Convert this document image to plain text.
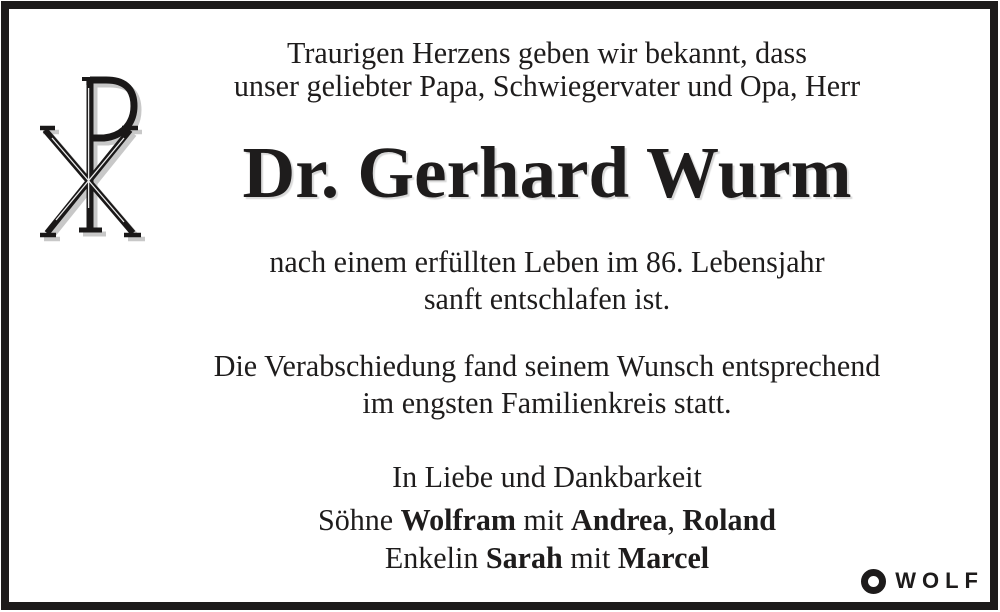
Traurigen Herzens geben wir bekannt, dass
unser geliebter Papa, Schwiegervater und Opa, Herr
Dr. Gerhard Wurm
nach einem erfüllten Leben im 86. Lebensjahr
sanft entschlafen ist.
Die Verabschiedung fand seinem Wunsch entsprechend
im engsten Familienkreis statt.
In Liebe und Dankbarkeit
Söhne Wolfram mit Andrea, Roland
Enkelin Sarah mit Marcel
WOLF
